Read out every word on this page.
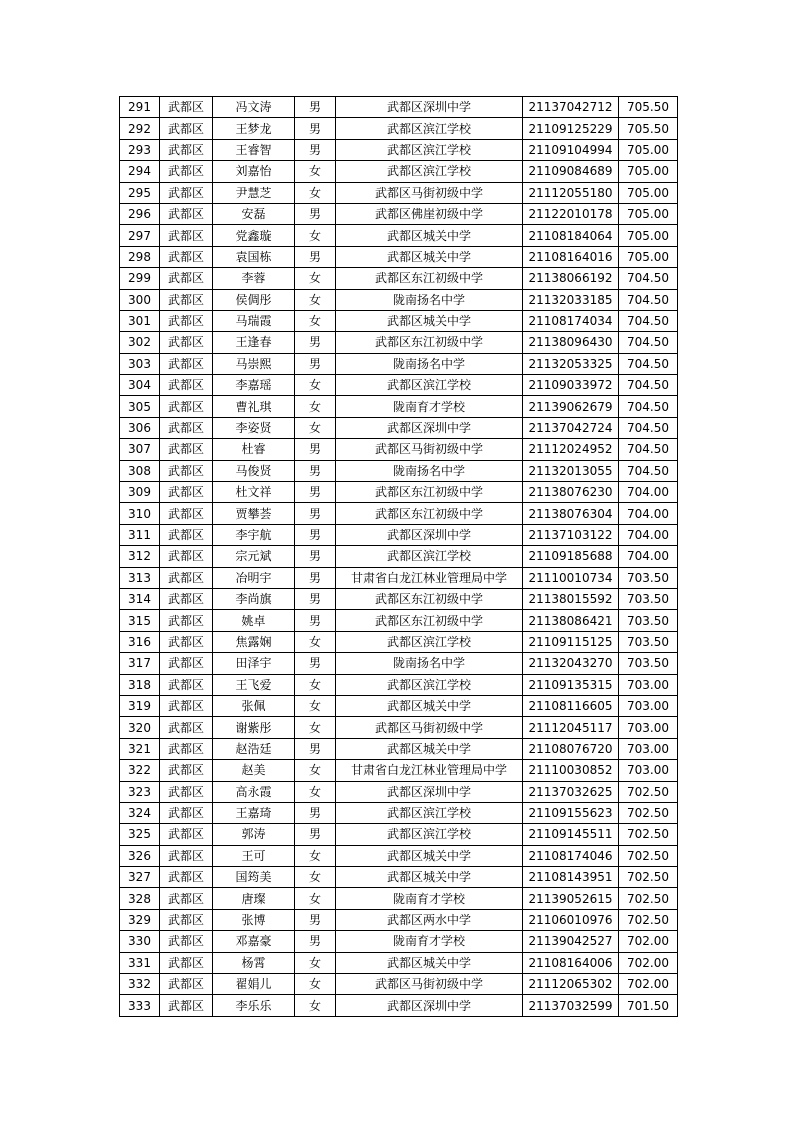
291	武都区	冯文涛	男	武都区深圳中学	21137042712	705.50
292	武都区	王梦龙	男	武都区滨江学校	21109125229	705.50
293	武都区	王睿智	男	武都区滨江学校	21109104994	705.00
294	武都区	刘嘉怡	女	武都区滨江学校	21109084689	705.00
295	武都区	尹慧芝	女	武都区马街初级中学	21112055180	705.00
296	武都区	安磊	男	武都区佛崖初级中学	21122010178	705.00
297	武都区	党鑫璇	女	武都区城关中学	21108184064	705.00
298	武都区	袁国栋	男	武都区城关中学	21108164016	705.00
299	武都区	李蓉	女	武都区东江初级中学	21138066192	704.50
300	武都区	侯倜彤	女	陇南扬名中学	21132033185	704.50
301	武都区	马瑞霞	女	武都区城关中学	21108174034	704.50
302	武都区	王逢春	男	武都区东江初级中学	21138096430	704.50
303	武都区	马崇熙	男	陇南扬名中学	21132053325	704.50
304	武都区	李嘉瑶	女	武都区滨江学校	21109033972	704.50
305	武都区	曹礼琪	女	陇南育才学校	21139062679	704.50
306	武都区	李姿贤	女	武都区深圳中学	21137042724	704.50
307	武都区	杜睿	男	武都区马街初级中学	21112024952	704.50
308	武都区	马俊贤	男	陇南扬名中学	21132013055	704.50
309	武都区	杜文祥	男	武都区东江初级中学	21138076230	704.00
310	武都区	贾攀荟	男	武都区东江初级中学	21138076304	704.00
311	武都区	李宇航	男	武都区深圳中学	21137103122	704.00
312	武都区	宗元斌	男	武都区滨江学校	21109185688	704.00
313	武都区	冶明宇	男	甘肃省白龙江林业管理局中学	21110010734	703.50
314	武都区	李尚旗	男	武都区东江初级中学	21138015592	703.50
315	武都区	姚卓	男	武都区东江初级中学	21138086421	703.50
316	武都区	焦露娴	女	武都区滨江学校	21109115125	703.50
317	武都区	田泽宇	男	陇南扬名中学	21132043270	703.50
318	武都区	王飞爱	女	武都区滨江学校	21109135315	703.00
319	武都区	张佩	女	武都区城关中学	21108116605	703.00
320	武都区	谢紫彤	女	武都区马街初级中学	21112045117	703.00
321	武都区	赵浩廷	男	武都区城关中学	21108076720	703.00
322	武都区	赵美	女	甘肃省白龙江林业管理局中学	21110030852	703.00
323	武都区	高永霞	女	武都区深圳中学	21137032625	702.50
324	武都区	王嘉琦	男	武都区滨江学校	21109155623	702.50
325	武都区	郭涛	男	武都区滨江学校	21109145511	702.50
326	武都区	王可	女	武都区城关中学	21108174046	702.50
327	武都区	国筠美	女	武都区城关中学	21108143951	702.50
328	武都区	唐璨	女	陇南育才学校	21139052615	702.50
329	武都区	张博	男	武都区两水中学	21106010976	702.50
330	武都区	邓嘉豪	男	陇南育才学校	21139042527	702.00
331	武都区	杨霄	女	武都区城关中学	21108164006	702.00
332	武都区	翟娟儿	女	武都区马街初级中学	21112065302	702.00
333	武都区	李乐乐	女	武都区深圳中学	21137032599	701.50
